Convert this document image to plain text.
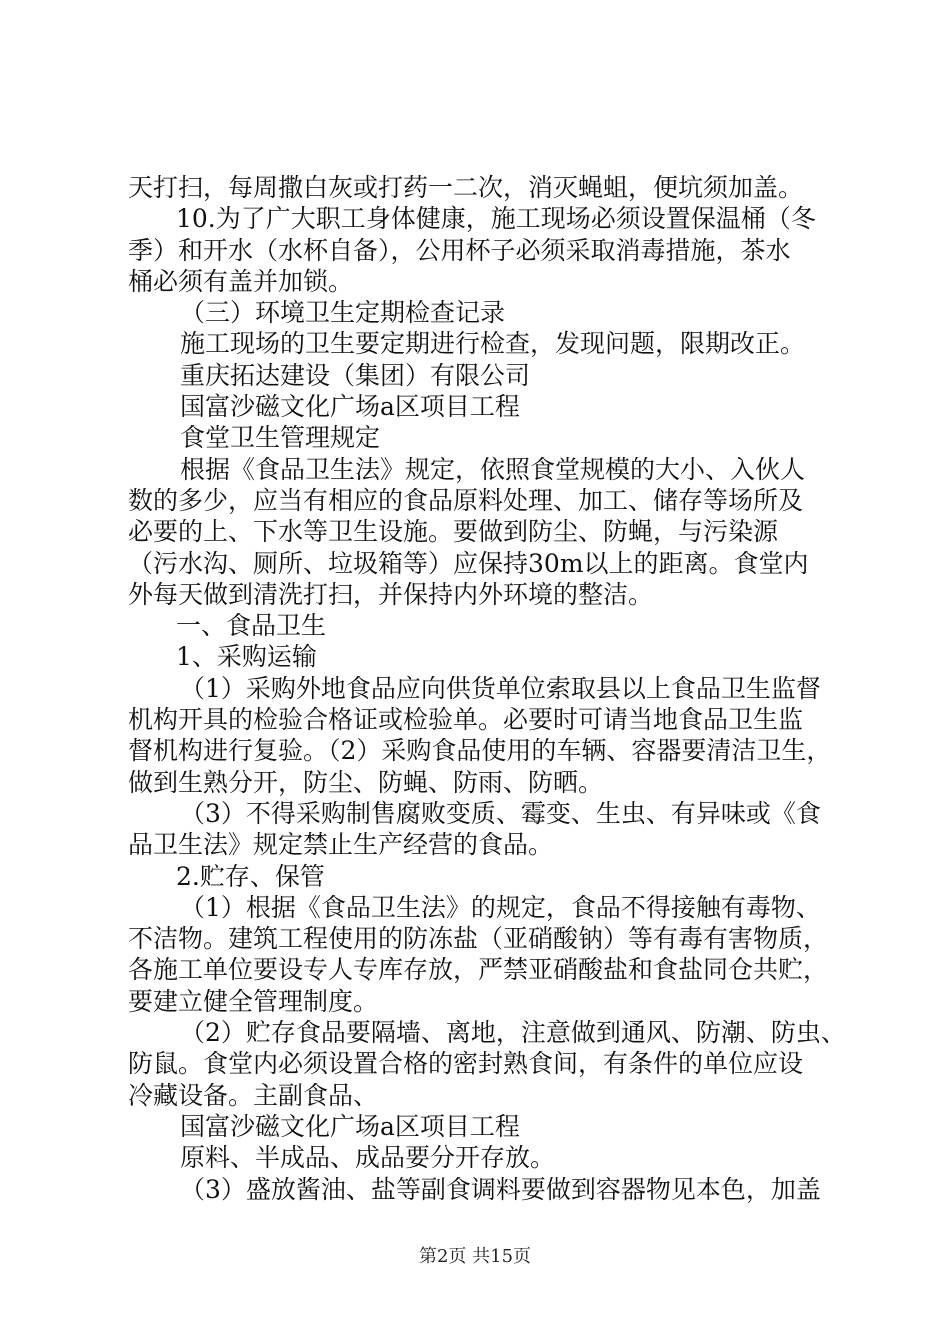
天打扫，每周撒白灰或打药一二次，消灭蝇蛆，便坑须加盖。
10.为了广大职工身体健康，施工现场必须设置保温桶（冬
季）和开水（水杯自备），公用杯子必须采取消毒措施，茶水
桶必须有盖并加锁。
（三）环境卫生定期检查记录
施工现场的卫生要定期进行检查，发现问题，限期改正。
重庆拓达建设（集团）有限公司
国富沙磁文化广场a区项目工程
食堂卫生管理规定
根据《食品卫生法》规定，依照食堂规模的大小、入伙人
数的多少，应当有相应的食品原料处理、加工、储存等场所及
必要的上、下水等卫生设施。要做到防尘、防蝇，与污染源
（污水沟、厕所、垃圾箱等）应保持30m以上的距离。食堂内
外每天做到清洗打扫，并保持内外环境的整洁。
一、食品卫生
1、采购运输
（1）采购外地食品应向供货单位索取县以上食品卫生监督
机构开具的检验合格证或检验单。必要时可请当地食品卫生监
督机构进行复验。（2）采购食品使用的车辆、容器要清洁卫生，
做到生熟分开，防尘、防蝇、防雨、防晒。
（3）不得采购制售腐败变质、霉变、生虫、有异味或《食
品卫生法》规定禁止生产经营的食品。
2.贮存、保管
（1）根据《食品卫生法》的规定，食品不得接触有毒物、
不洁物。建筑工程使用的防冻盐（亚硝酸钠）等有毒有害物质，
各施工单位要设专人专库存放，严禁亚硝酸盐和食盐同仓共贮，
要建立健全管理制度。
（2）贮存食品要隔墙、离地，注意做到通风、防潮、防虫、
防鼠。食堂内必须设置合格的密封熟食间，有条件的单位应设
冷藏设备。主副食品、
国富沙磁文化广场a区项目工程
原料、半成品、成品要分开存放。
（3）盛放酱油、盐等副食调料要做到容器物见本色，加盖
第2页 共15页
